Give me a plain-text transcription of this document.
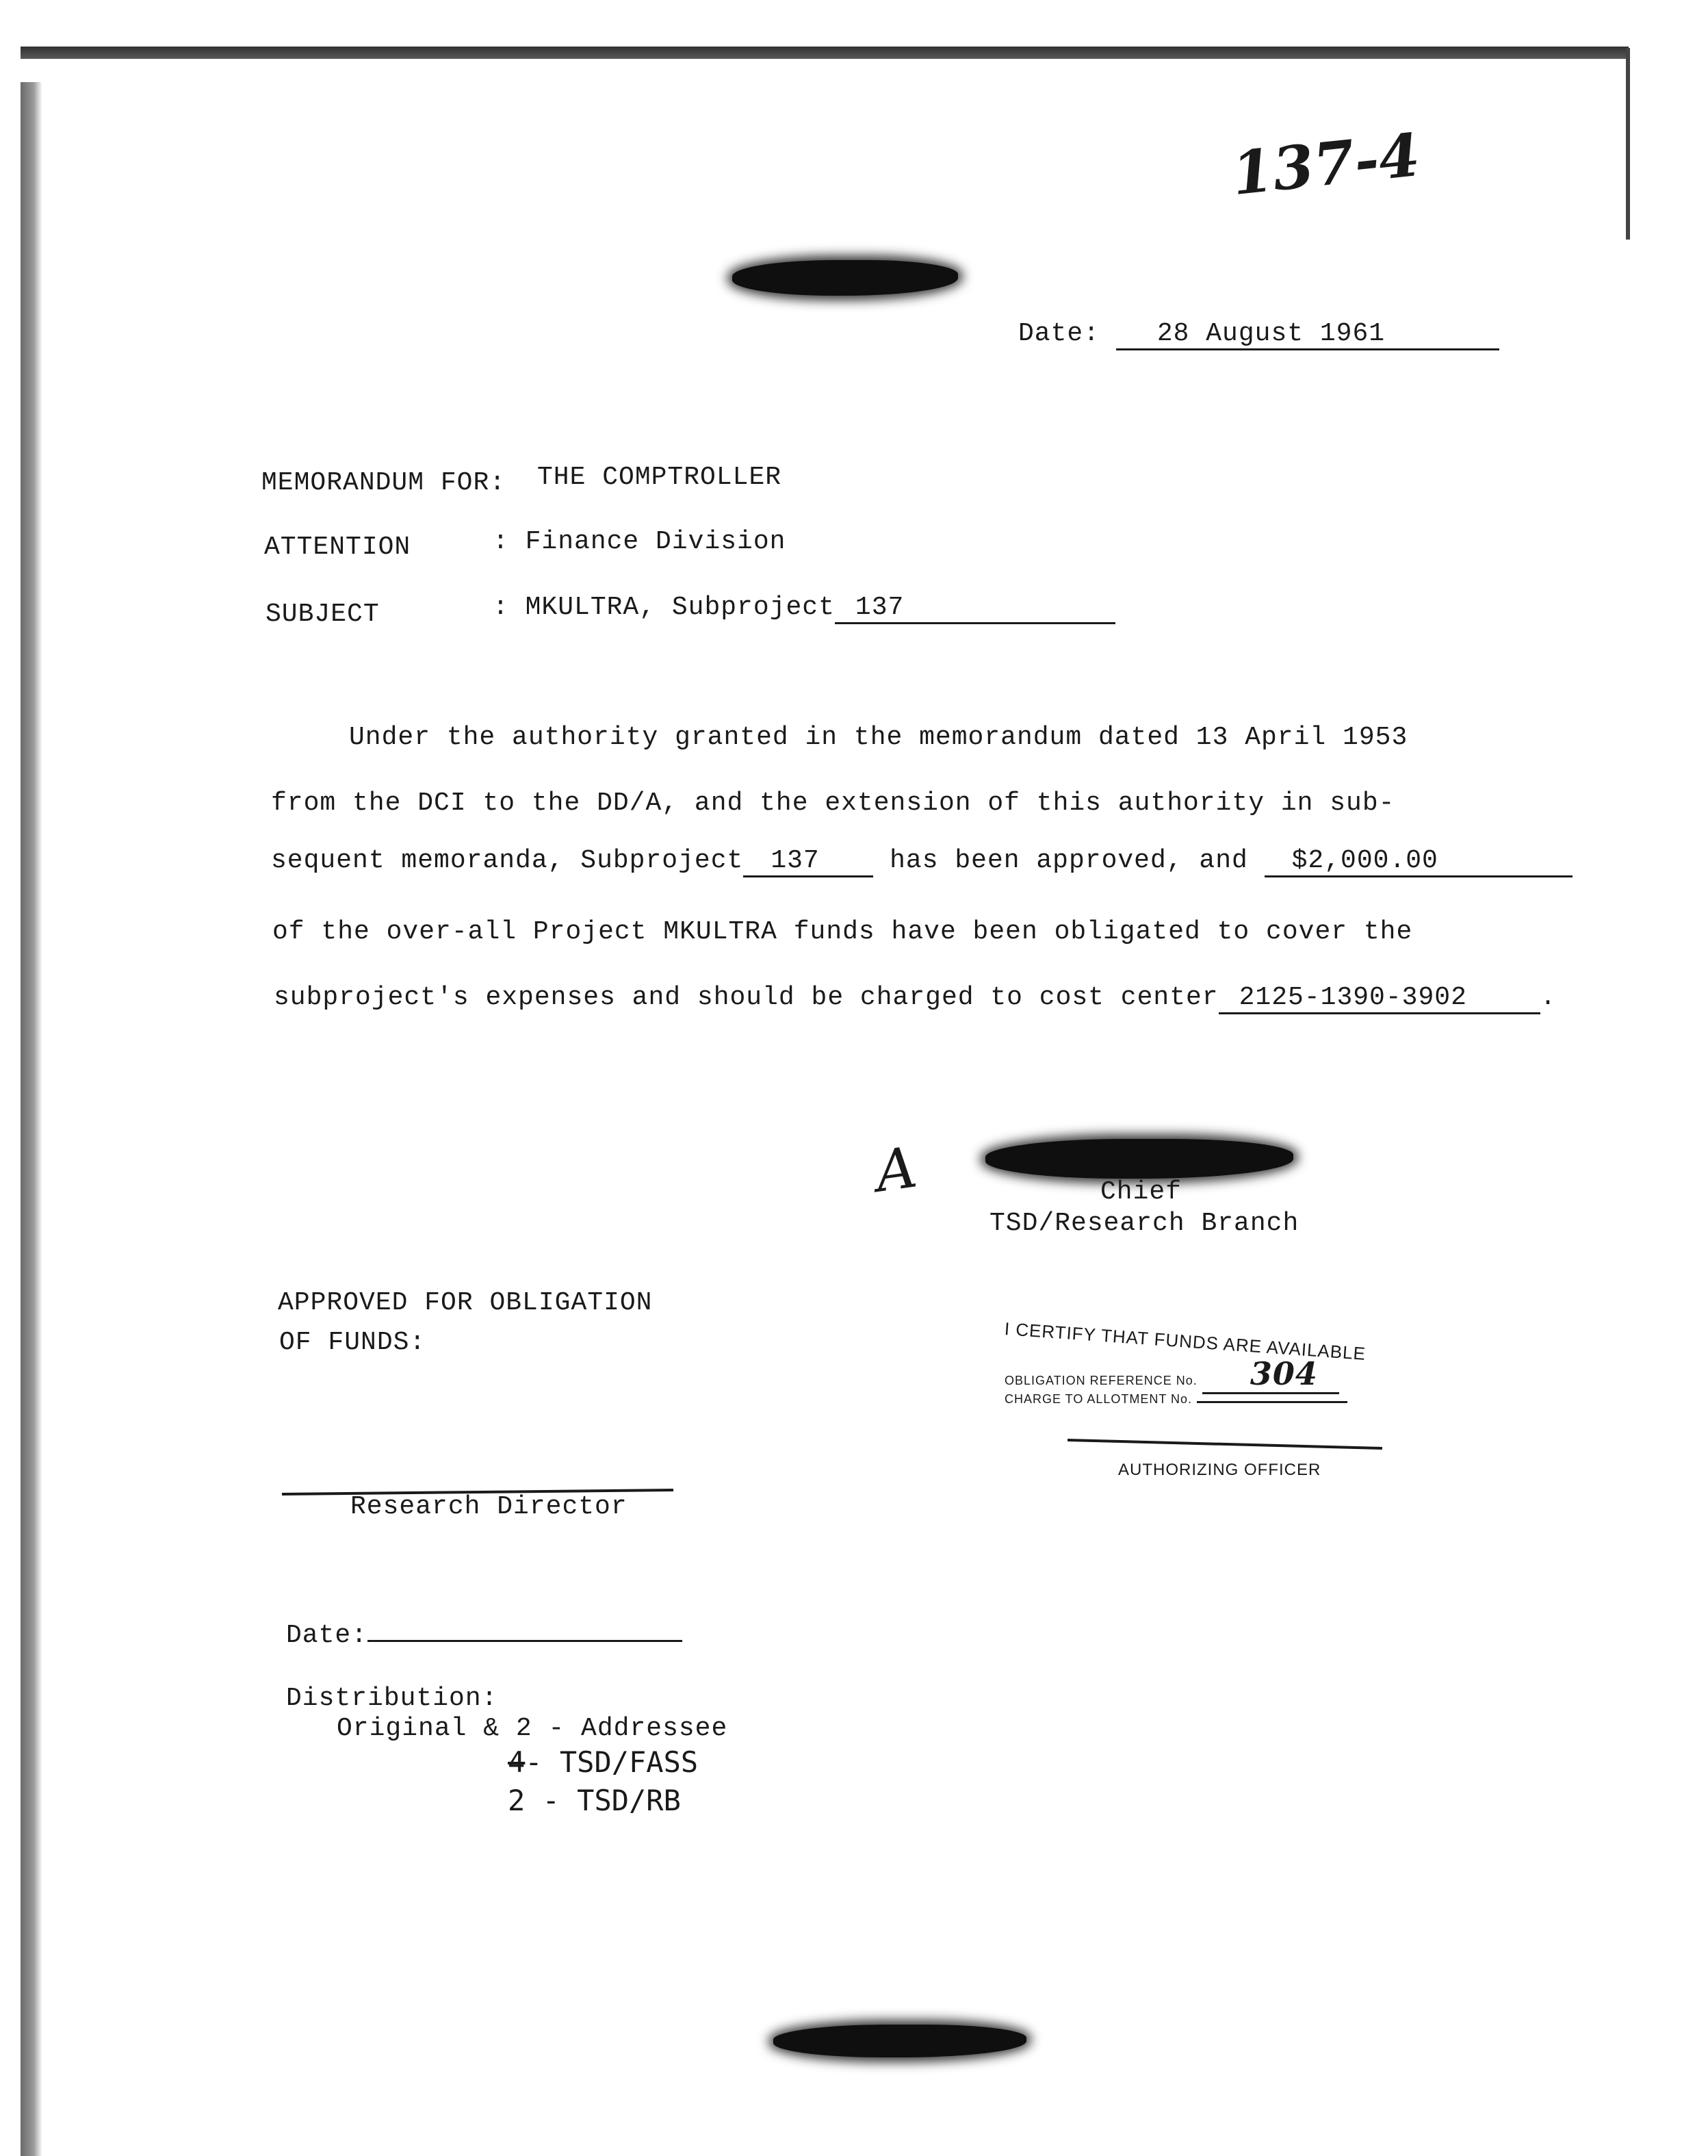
137-4
Date: 28 August 1961
MEMORANDUM FOR: THE COMPTROLLER
ATTENTION	: Finance Division
SUBJECT	: MKULTRA, Subproject 137
Under the authority granted in the memorandum dated 13 April 1953
from the DCI to the DD/A, and the extension of this authority in sub-
sequent memoranda, Subproject 137	has been approved, and $2,000.00
of the over-all Project MKULTRA funds have been obligated to cover the
subproject's expenses and should be charged to cost center 2125-1390-3902	.
A	Chief
TSD/Research Branch
APPROVED FOR OBLIGATION
OF FUNDS:	I CERTIFY THAT FUNDS ARE AVAILABLE
OBLIGATION REFERENCE No. 304
CHARGE TO ALLOTMENT No.
AUTHORIZING OFFICER
Research Director
Date:
Distribution:
Original & 2 - Addressee
4- TSD/FASS
2 - TSD/RB
